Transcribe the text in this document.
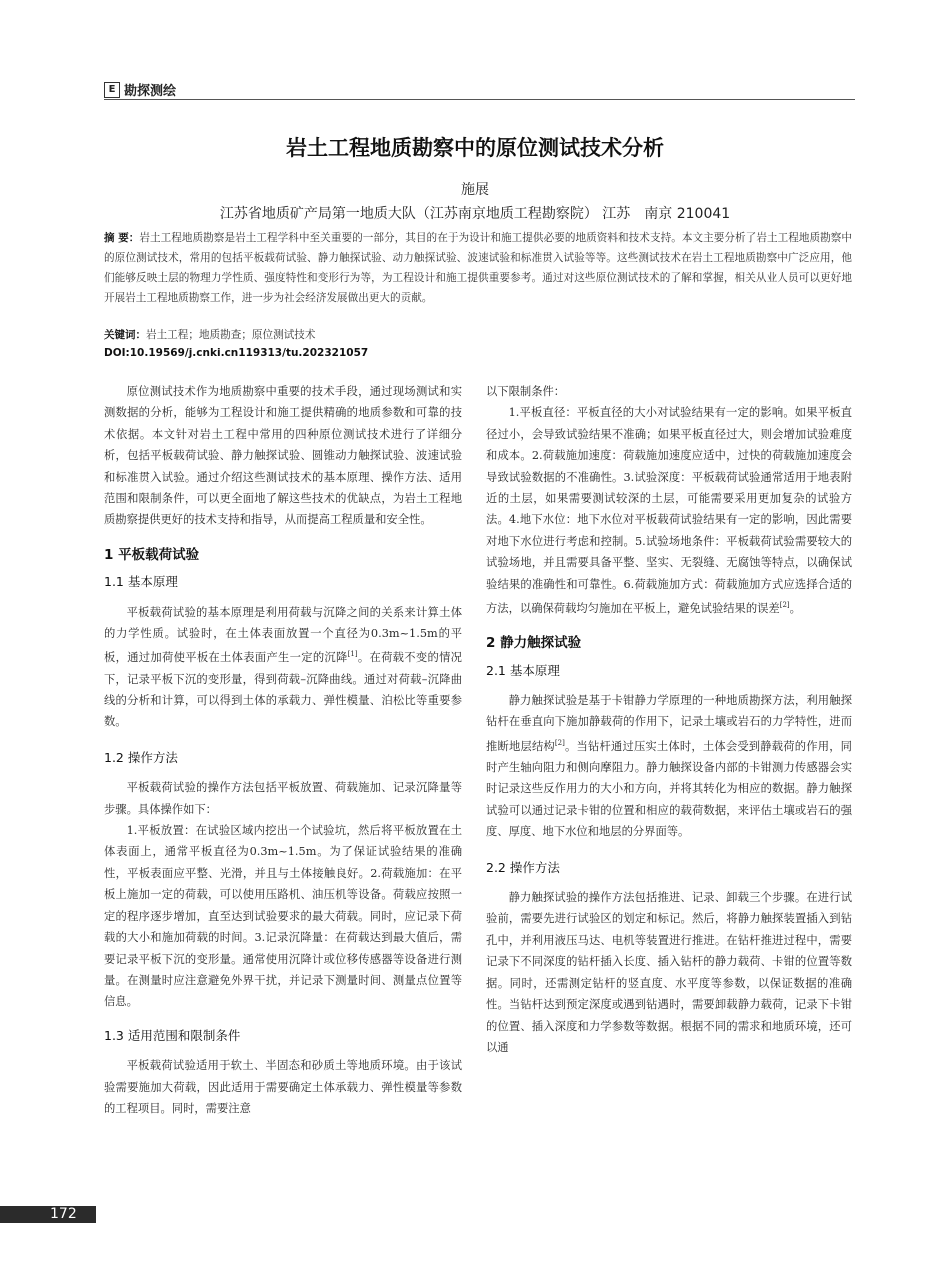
E 勘探测绘
岩土工程地质勘察中的原位测试技术分析
施展
江苏省地质矿产局第一地质大队（江苏南京地质工程勘察院） 江苏　南京 210041
摘 要：岩土工程地质勘察是岩土工程学科中至关重要的一部分，其目的在于为设计和施工提供必要的地质资料和技术支持。本文主要分析了岩土工程地质勘察中的原位测试技术，常用的包括平板载荷试验、静力触探试验、动力触探试验、波速试验和标准贯入试验等等。这些测试技术在岩土工程地质勘察中广泛应用，他们能够反映土层的物理力学性质、强度特性和变形行为等，为工程设计和施工提供重要参考。通过对这些原位测试技术的了解和掌握，相关从业人员可以更好地开展岩土工程地质勘察工作，进一步为社会经济发展做出更大的贡献。
关键词：岩土工程；地质勘查；原位测试技术
DOI:10.19569/j.cnki.cn119313/tu.202321057

原位测试技术作为地质勘察中重要的技术手段，通过现场测试和实测数据的分析，能够为工程设计和施工提供精确的地质参数和可靠的技术依据。本文针对岩土工程中常用的四种原位测试技术进行了详细分析，包括平板载荷试验、静力触探试验、圆锥动力触探试验、波速试验和标准贯入试验。通过介绍这些测试技术的基本原理、操作方法、适用范围和限制条件，可以更全面地了解这些技术的优缺点，为岩土工程地质勘察提供更好的技术支持和指导，从而提高工程质量和安全性。

1 平板载荷试验

1.1 基本原理

平板载荷试验的基本原理是利用荷载与沉降之间的关系来计算土体的力学性质。试验时，在土体表面放置一个直径为0.3m~1.5m的平板，通过加荷使平板在土体表面产生一定的沉降[1]。在荷载不变的情况下，记录平板下沉的变形量，得到荷载–沉降曲线。通过对荷载–沉降曲线的分析和计算，可以得到土体的承载力、弹性模量、泊松比等重要参数。

1.2 操作方法

平板载荷试验的操作方法包括平板放置、荷载施加、记录沉降量等步骤。具体操作如下：

1.平板放置：在试验区域内挖出一个试验坑，然后将平板放置在土体表面上，通常平板直径为0.3m~1.5m。为了保证试验结果的准确性，平板表面应平整、光滑，并且与土体接触良好。2.荷载施加：在平板上施加一定的荷载，可以使用压路机、油压机等设备。荷载应按照一定的程序逐步增加，直至达到试验要求的最大荷载。同时，应记录下荷载的大小和施加荷载的时间。3.记录沉降量：在荷载达到最大值后，需要记录平板下沉的变形量。通常使用沉降计或位移传感器等设备进行测量。在测量时应注意避免外界干扰，并记录下测量时间、测量点位置等信息。

1.3 适用范围和限制条件

平板载荷试验适用于软土、半固态和砂质土等地质环境。由于该试验需要施加大荷载，因此适用于需要确定土体承载力、弹性模量等参数的工程项目。同时，需要注意

以下限制条件：

1.平板直径：平板直径的大小对试验结果有一定的影响。如果平板直径过小，会导致试验结果不准确；如果平板直径过大，则会增加试验难度和成本。2.荷载施加速度：荷载施加速度应适中，过快的荷载施加速度会导致试验数据的不准确性。3.试验深度：平板载荷试验通常适用于地表附近的土层，如果需要测试较深的土层，可能需要采用更加复杂的试验方法。4.地下水位：地下水位对平板载荷试验结果有一定的影响，因此需要对地下水位进行考虑和控制。5.试验场地条件：平板载荷试验需要较大的试验场地，并且需要具备平整、坚实、无裂缝、无腐蚀等特点，以确保试验结果的准确性和可靠性。6.荷载施加方式：荷载施加方式应选择合适的方法，以确保荷载均匀施加在平板上，避免试验结果的误差[2]。

2 静力触探试验

2.1 基本原理

静力触探试验是基于卡钳静力学原理的一种地质勘探方法，利用触探钻杆在垂直向下施加静载荷的作用下，记录土壤或岩石的力学特性，进而推断地层结构[2]。当钻杆通过压实土体时，土体会受到静载荷的作用，同时产生轴向阻力和侧向摩阻力。静力触探设备内部的卡钳测力传感器会实时记录这些反作用力的大小和方向，并将其转化为相应的数据。静力触探试验可以通过记录卡钳的位置和相应的载荷数据，来评估土壤或岩石的强度、厚度、地下水位和地层的分界面等。

2.2 操作方法

静力触探试验的操作方法包括推进、记录、卸载三个步骤。在进行试验前，需要先进行试验区的划定和标记。然后，将静力触探装置插入到钻孔中，并利用液压马达、电机等装置进行推进。在钻杆推进过程中，需要记录下不同深度的钻杆插入长度、插入钻杆的静力载荷、卡钳的位置等数据。同时，还需测定钻杆的竖直度、水平度等参数，以保证数据的准确性。当钻杆达到预定深度或遇到钻遇时，需要卸载静力载荷，记录下卡钳的位置、插入深度和力学参数等数据。根据不同的需求和地质环境，还可以通

172
